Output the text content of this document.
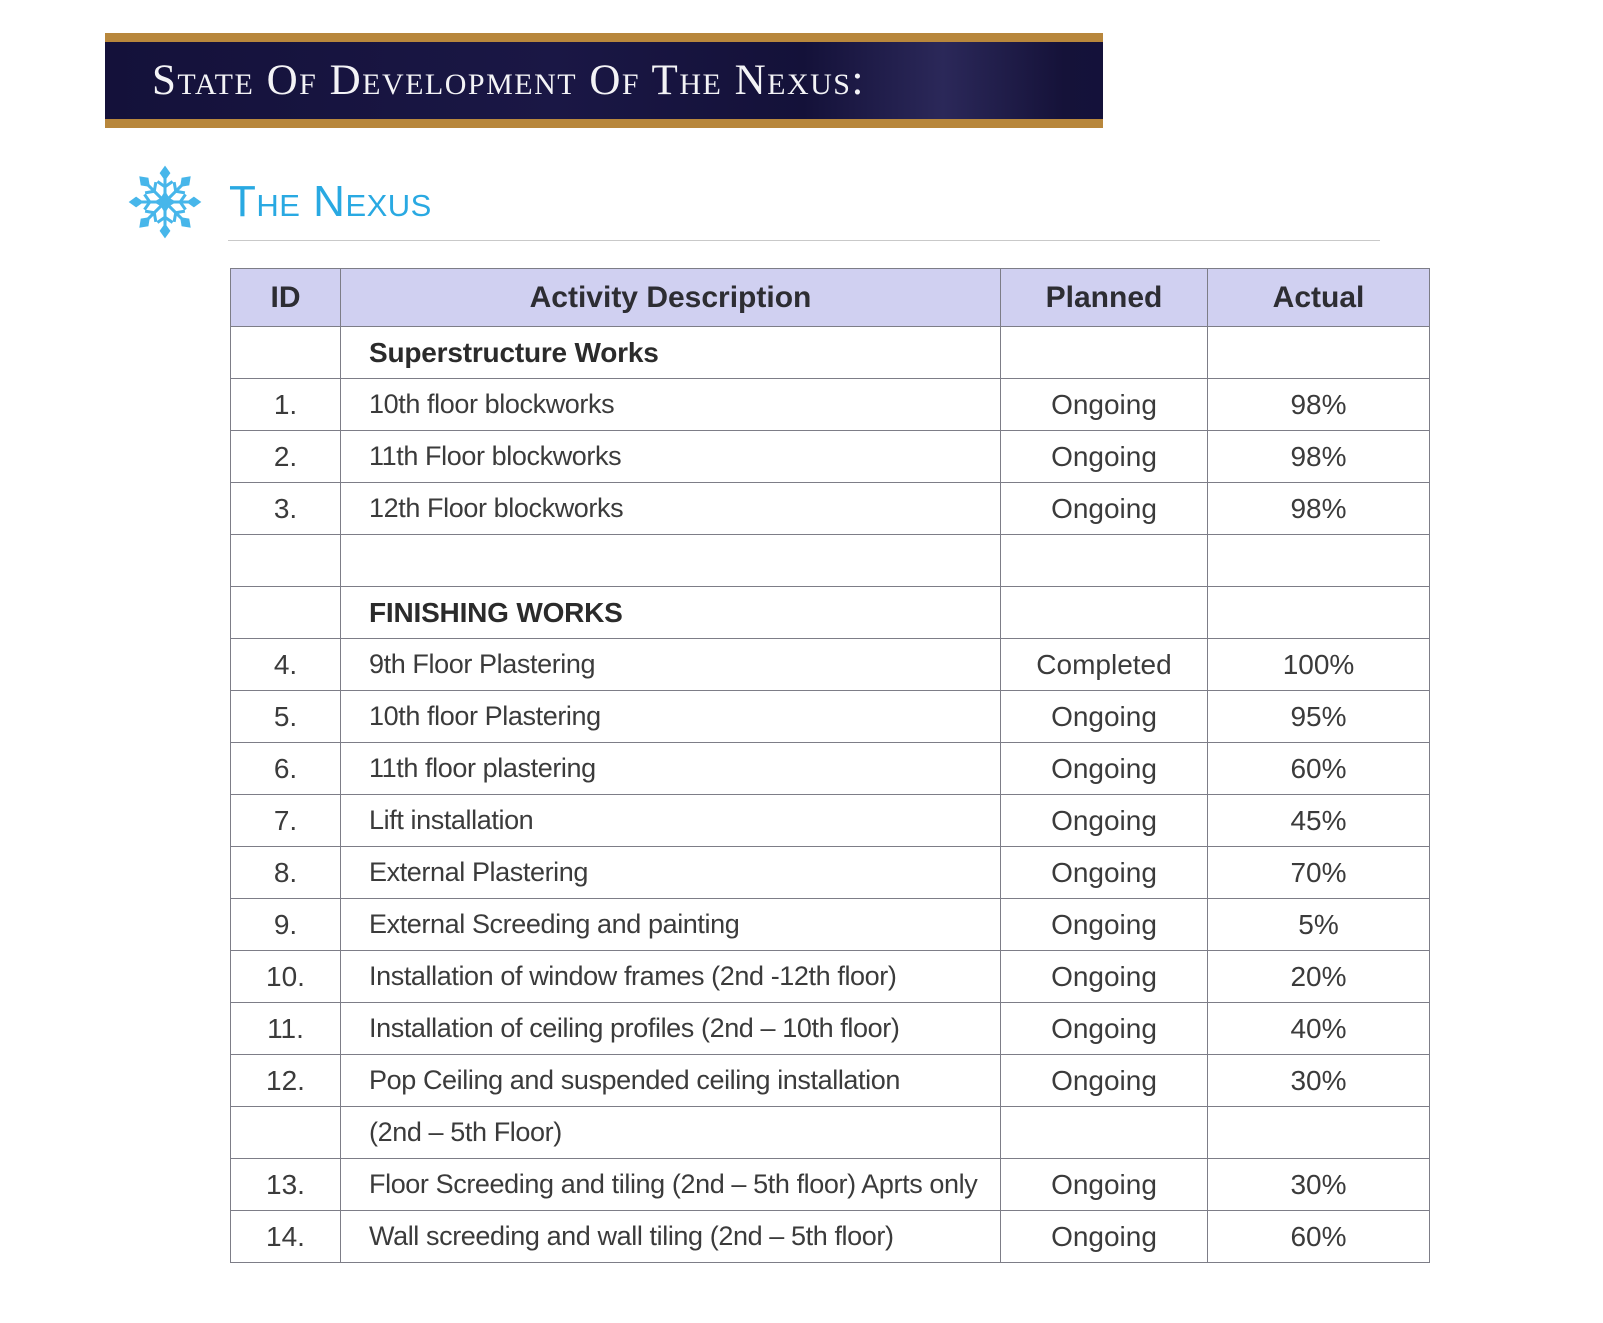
State Of Development Of The Nexus:
The Nexus
ID	Activity Description	Planned	Actual
	Superstructure Works		
1.	10th floor blockworks	Ongoing	98%
2.	11th Floor blockworks	Ongoing	98%
3.	12th Floor blockworks	Ongoing	98%

	FINISHING WORKS		
4.	9th Floor Plastering	Completed	100%
5.	10th floor Plastering	Ongoing	95%
6.	11th floor plastering	Ongoing	60%
7.	Lift installation	Ongoing	45%
8.	External Plastering	Ongoing	70%
9.	External Screeding and painting	Ongoing	5%
10.	Installation of window frames (2nd -12th floor)	Ongoing	20%
11.	Installation of ceiling profiles (2nd – 10th floor)	Ongoing	40%
12.	Pop Ceiling and suspended ceiling installation	Ongoing	30%
	(2nd – 5th Floor)		
13.	Floor Screeding and tiling (2nd – 5th floor) Aprts only	Ongoing	30%
14.	Wall screeding and wall tiling (2nd – 5th floor)	Ongoing	60%
